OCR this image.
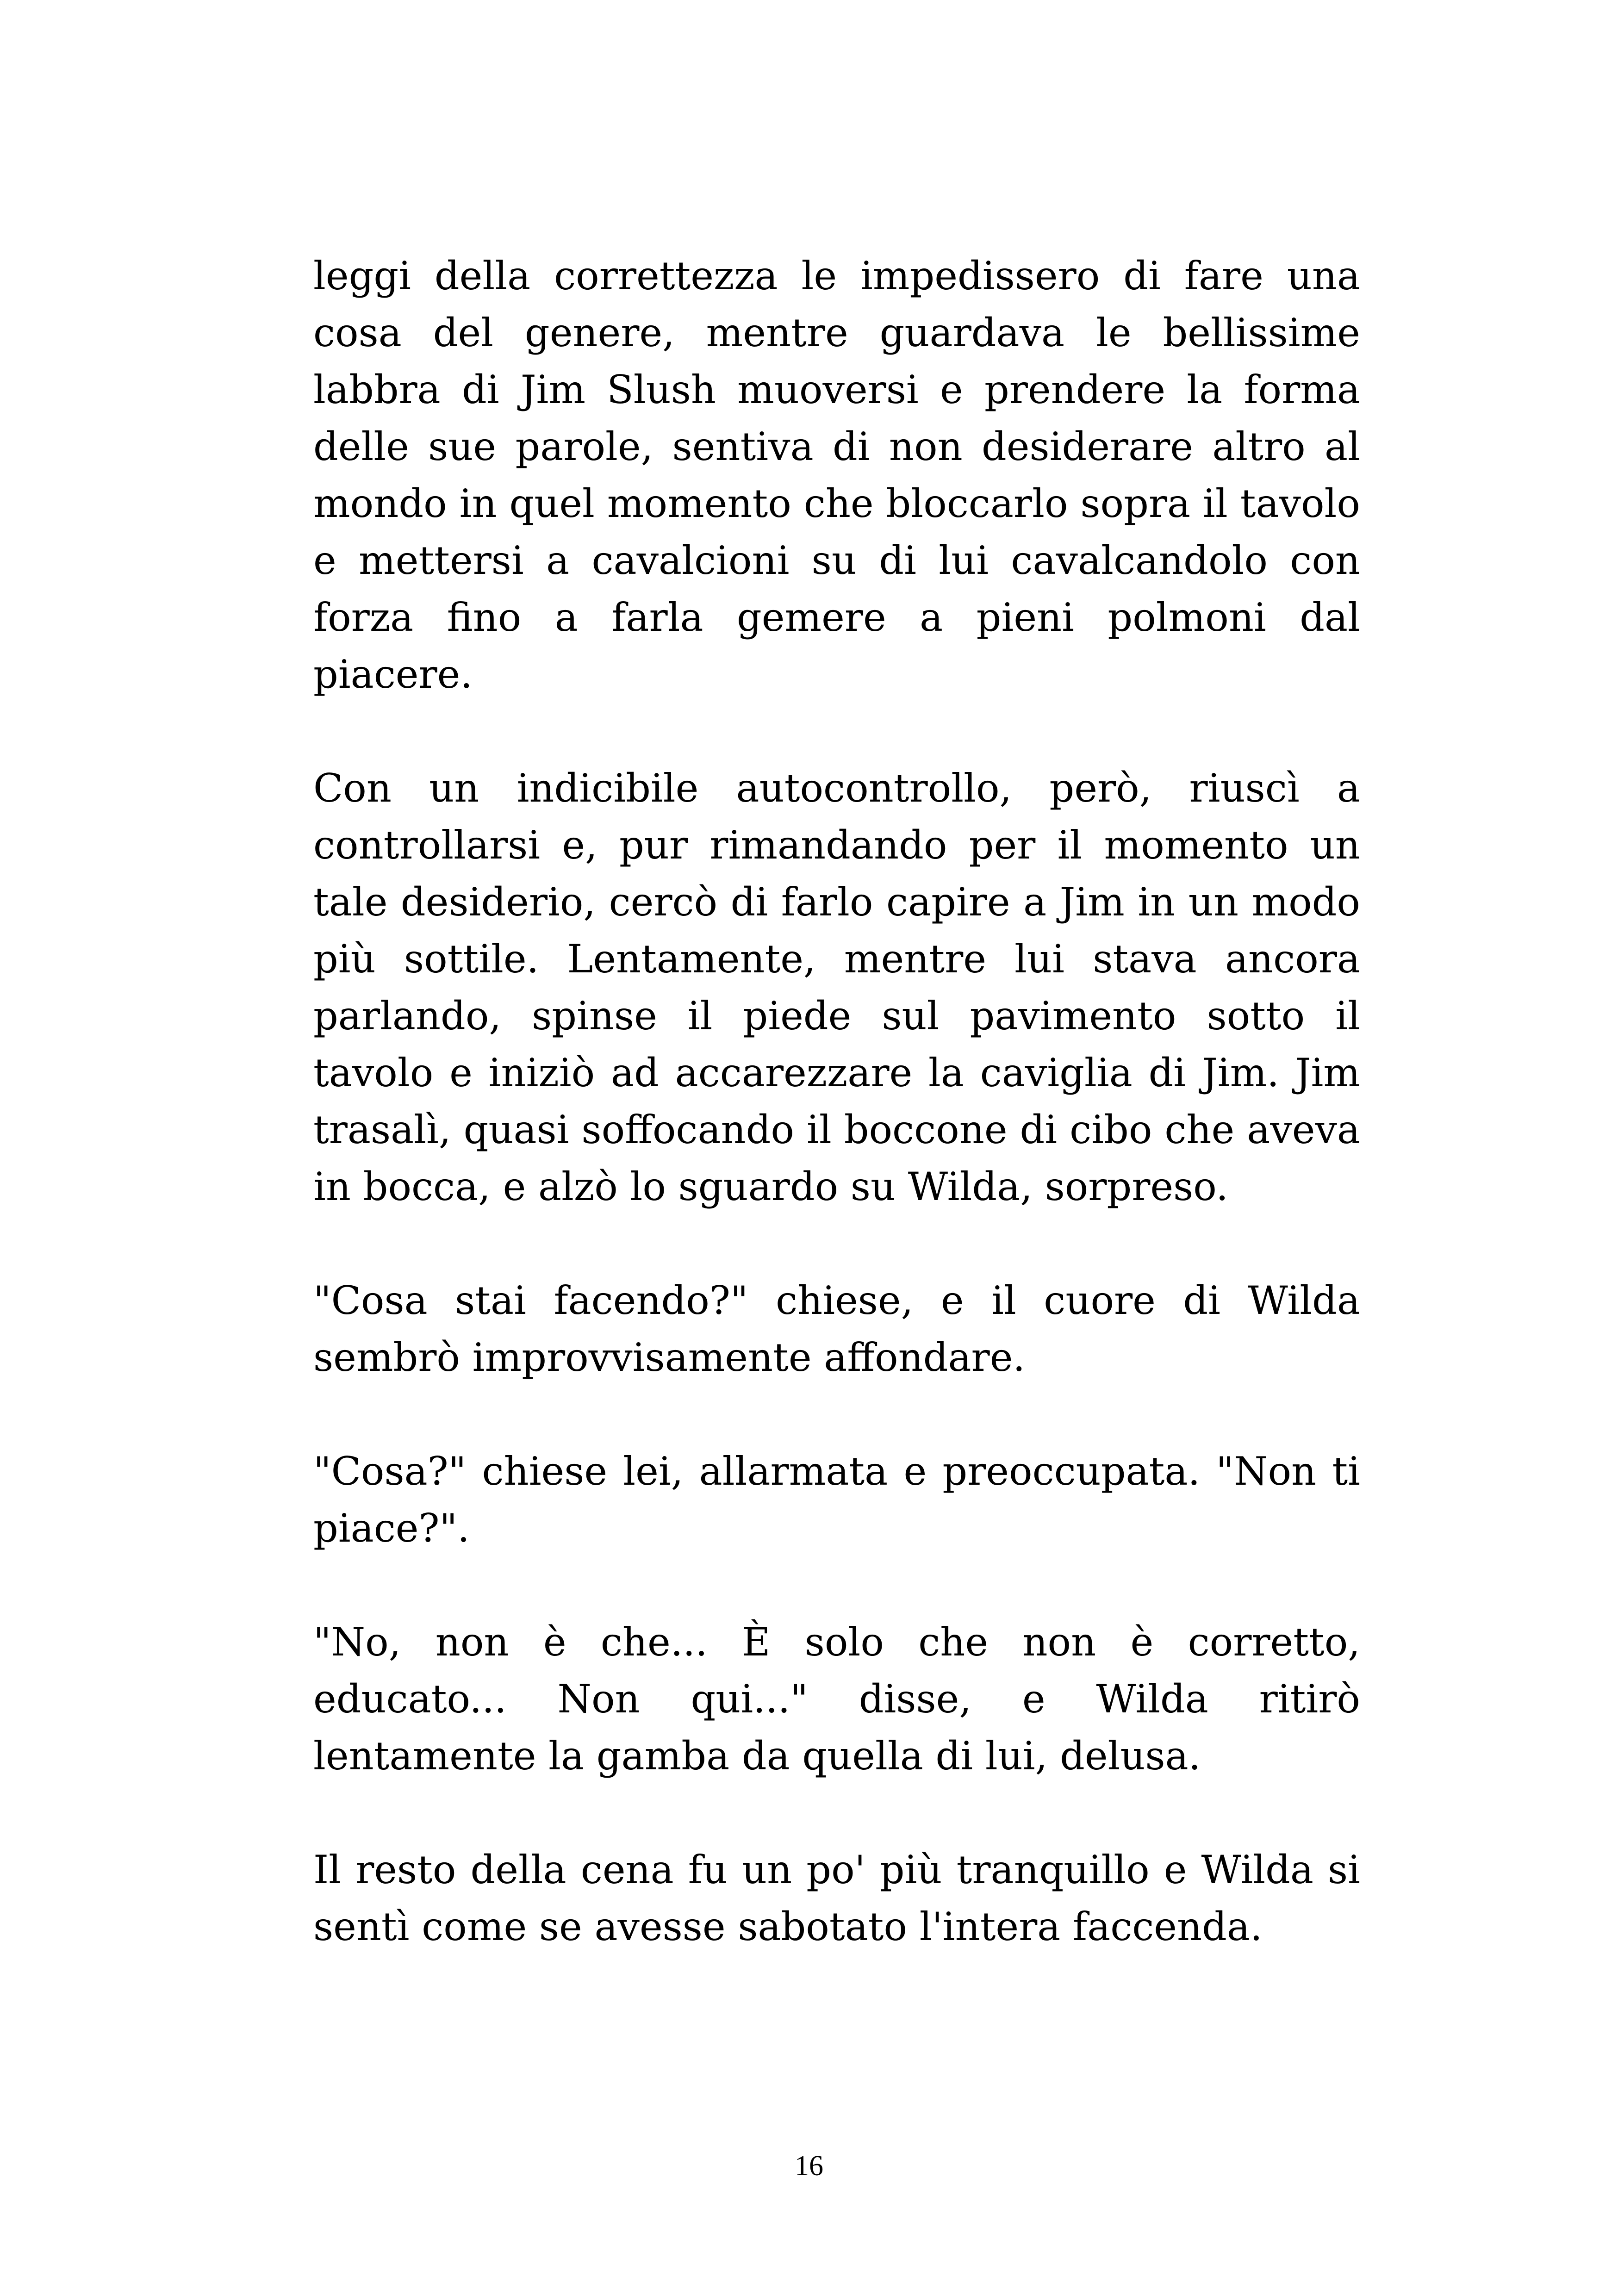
leggi della correttezza le impedissero di fare una cosa del genere, mentre guardava le bellissime labbra di Jim Slush muoversi e prendere la forma delle sue parole, sentiva di non desiderare altro al mondo in quel momento che bloccarlo sopra il tavolo e mettersi a cavalcioni su di lui cavalcandolo con forza fino a farla gemere a pieni polmoni dal piacere.

Con un indicibile autocontrollo, però, riuscì a controllarsi e, pur rimandando per il momento un tale desiderio, cercò di farlo capire a Jim in un modo più sottile. Lentamente, mentre lui stava ancora parlando, spinse il piede sul pavimento sotto il tavolo e iniziò ad accarezzare la caviglia di Jim. Jim trasalì, quasi soffocando il boccone di cibo che aveva in bocca, e alzò lo sguardo su Wilda, sorpreso.

"Cosa stai facendo?" chiese, e il cuore di Wilda sembrò improvvisamente affondare.

"Cosa?" chiese lei, allarmata e preoccupata. "Non ti piace?".

"No, non è che... È solo che non è corretto, educato... Non qui..." disse, e Wilda ritirò lentamente la gamba da quella di lui, delusa.

Il resto della cena fu un po' più tranquillo e Wilda si sentì come se avesse sabotato l'intera faccenda.

16
